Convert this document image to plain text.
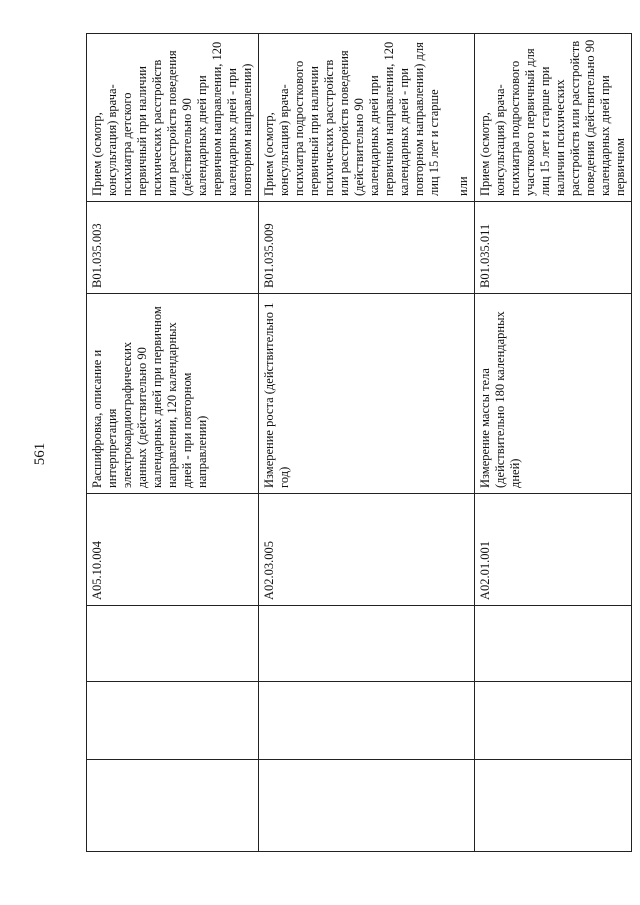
561
			A05.10.004	Расшифровка, описание и интерпретация электрокардиографических данных (действительно 90 календарных дней при первичном направлении, 120 календарных дней - при повторном направлении)	B01.035.003	Прием (осмотр, консультация) врача-психиатра детского первичный при наличии психических расстройств или расстройств поведения (действительно 90 календарных дней при первичном направлении, 120 календарных дней - при повторном направлении)
			A02.03.005	Измерение роста (действительно 1 год)	B01.035.009	Прием (осмотр, консультация) врача-психиатра подросткового первичный при наличии психических расстройств или расстройств поведения (действительно 90 календарных дней при первичном направлении, 120 календарных дней - при повторном направлении) для лиц 15 лет и старше или

			A02.01.001	Измерение массы тела (действительно 180 календарных дней)	B01.035.011	Прием (осмотр, консультация) врача-психиатра подросткового участкового первичный для лиц 15 лет и старше при наличии психических расстройств или расстройств поведения (действительно 90 календарных дней при первичном
